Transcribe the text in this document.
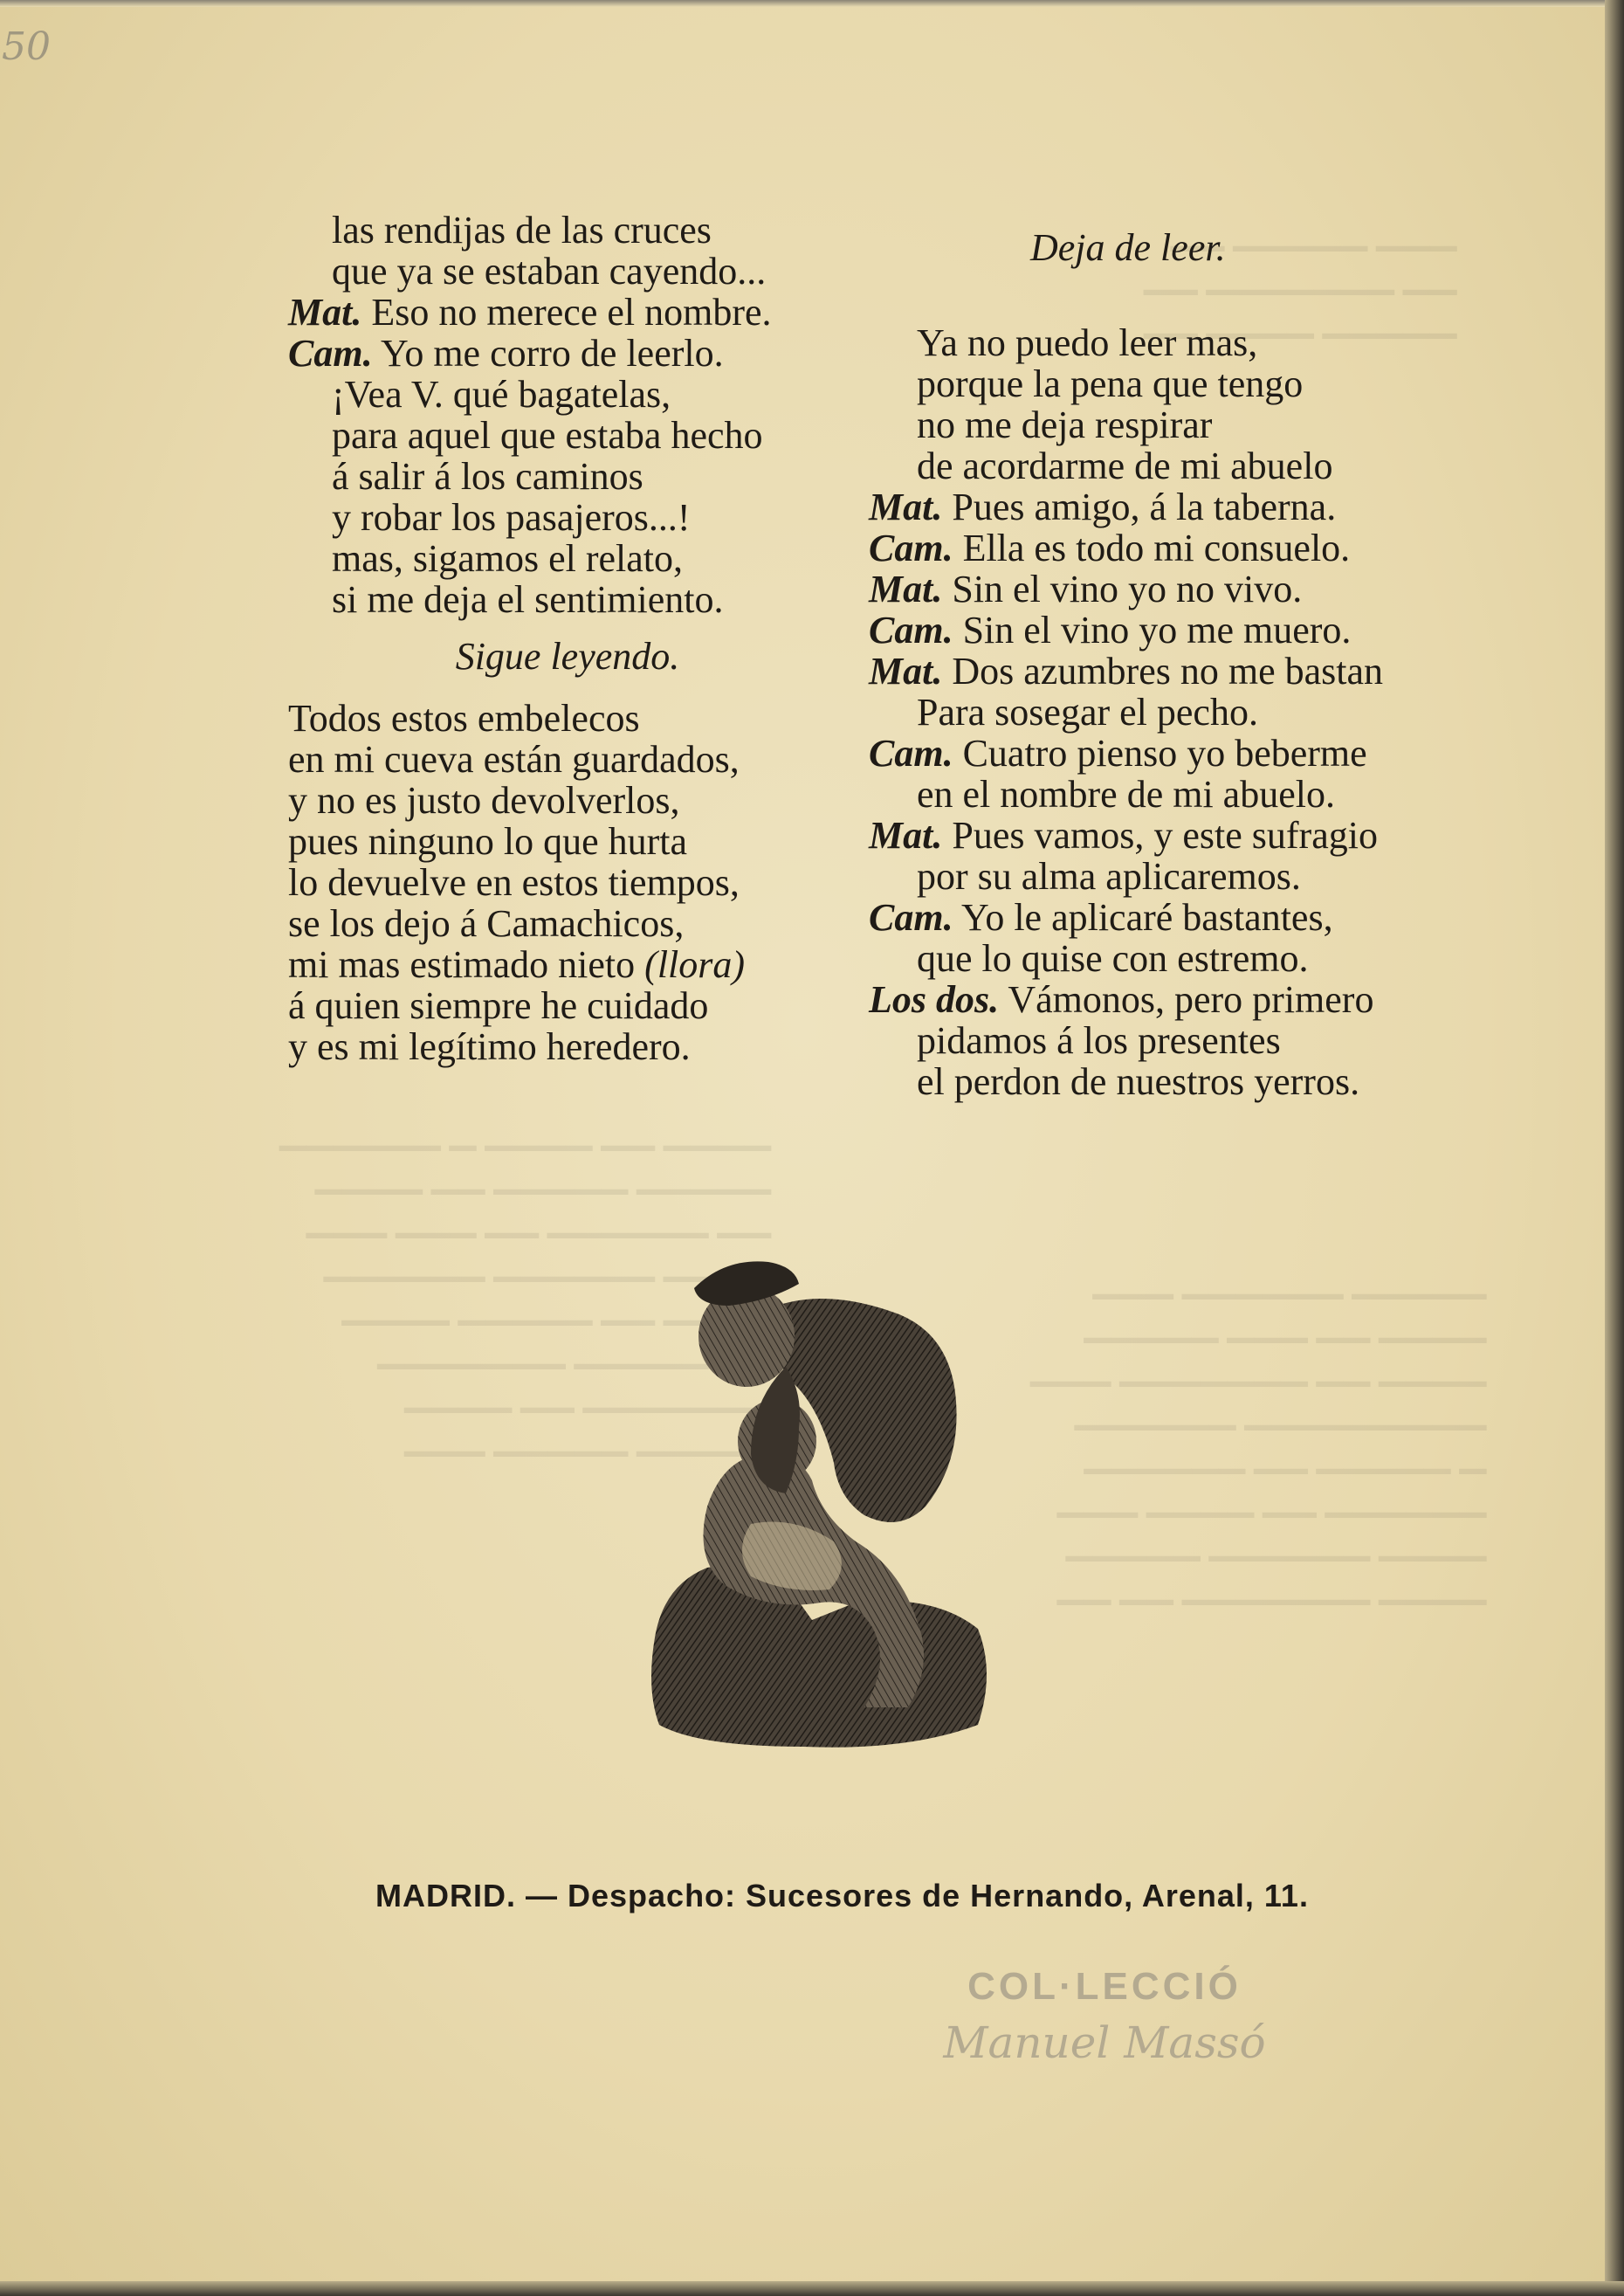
50
▁▁▁ ▁▁▁▁▁ ▁▁
▁▁ ▁▁▁▁▁▁▁ ▁▁
▁▁▁▁▁ ▁▁▁▁ ▁▁
▁▁▁▁ ▁▁ ▁▁▁▁ ▁ ▁▁▁▁▁▁
▁▁▁▁▁ ▁▁▁▁▁ ▁▁ ▁▁▁▁
▁▁ ▁▁▁▁▁▁ ▁▁ ▁▁▁ ▁▁▁
▁▁▁▁ ▁▁▁▁▁▁ ▁▁▁▁▁▁
▁▁ ▁▁▁▁▁ ▁▁▁▁
▁▁▁▁▁ ▁▁▁▁▁▁▁
▁▁▁▁▁▁▁ ▁▁ ▁▁▁▁
▁▁▁▁▁ ▁▁▁▁▁ ▁▁▁
▁▁▁▁▁ ▁▁▁▁▁▁ ▁▁▁
▁▁▁▁ ▁▁ ▁▁▁ ▁▁▁▁▁
▁▁▁▁ ▁▁ ▁▁▁▁▁▁▁ ▁▁▁
▁▁▁▁▁▁▁▁▁ ▁▁▁▁▁▁
▁ ▁▁▁▁▁ ▁▁ ▁▁▁▁▁▁
▁▁▁▁▁▁ ▁▁ ▁▁▁▁ ▁▁▁
▁▁▁▁ ▁▁▁▁▁▁ ▁▁▁▁▁
▁▁▁▁ ▁▁▁▁▁▁▁ ▁▁ ▁▁
las rendijas de las cruces
que ya se estaban cayendo...
Mat. Eso no merece el nombre.
Cam. Yo me corro de leerlo.
¡Vea V. qué bagatelas,
para aquel que estaba hecho
á salir á los caminos
y robar los pasajeros...!
mas, sigamos el relato,
si me deja el sentimiento.
Sigue leyendo.
Todos estos embelecos
en mi cueva están guardados,
y no es justo devolverlos,
pues ninguno lo que hurta
lo devuelve en estos tiempos,
se los dejo á Camachicos,
mi mas estimado nieto (llora)
á quien siempre he cuidado
y es mi legítimo heredero.
Deja de leer.
Ya no puedo leer mas,
porque la pena que tengo
no me deja respirar
de acordarme de mi abuelo
Mat. Pues amigo, á la taberna.
Cam. Ella es todo mi consuelo.
Mat. Sin el vino yo no vivo.
Cam. Sin el vino yo me muero.
Mat. Dos azumbres no me bastan
Para sosegar el pecho.
Cam. Cuatro pienso yo beberme
en el nombre de mi abuelo.
Mat. Pues vamos, y este sufragio
por su alma aplicaremos.
Cam. Yo le aplicaré bastantes,
que lo quise con estremo.
Los dos. Vámonos, pero primero
pidamos á los presentes
el perdon de nuestros yerros.
MADRID. — Despacho: Sucesores de Hernando, Arenal, 11.
COL·LECCIÓ
Manuel Massó
